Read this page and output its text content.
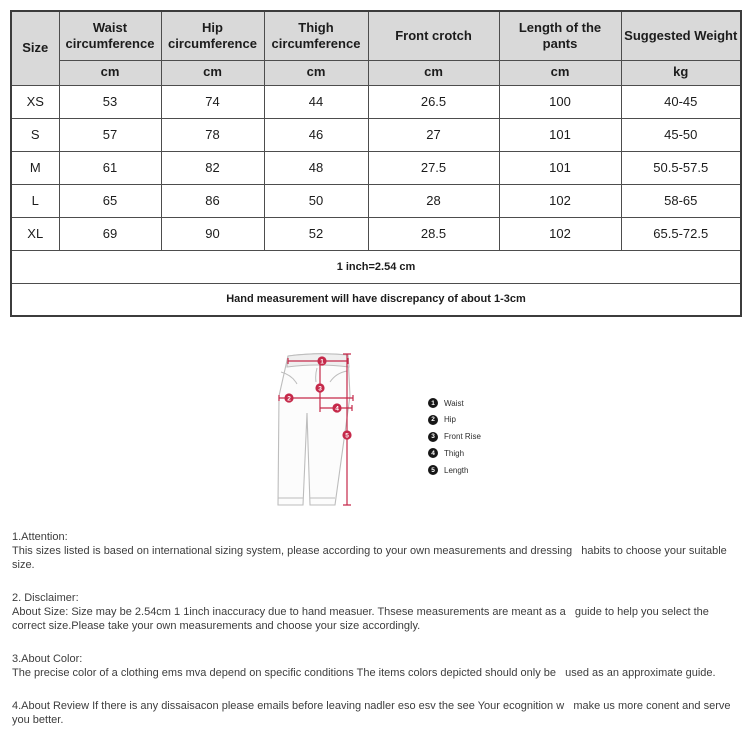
Size	Waist circumference	Hip circumference	Thigh circumference	Front crotch	Length of the pants	Suggested Weight
	cm	cm	cm	cm	cm	kg
XS	53	74	44	26.5	100	40-45
S	57	78	46	27	101	45-50
M	61	82	48	27.5	101	50.5-57.5
L	65	86	50	28	102	58-65
XL	69	90	52	28.5	102	65.5-72.5
1 inch=2.54 cm						
Hand measurement will have discrepancy of about 1-3cm						
1
2
3
4
5
1 Waist
2 Hip
3 Front Rise
4 Thigh
5 Length
1.Attention:
This sizes listed is based on international sizing system, please according to your own measurements and dressing   habits to choose your suitable size.
2. Disclaimer:
About Size: Size may be 2.54cm 1 1inch inaccuracy due to hand measuer. Thsese measurements are meant as a   guide to help you select the correct size.Please take your own measurements and choose your size accordingly.
3.About Color:
The precise color of a clothing ems mva depend on specific conditions The items colors depicted should only be   used as an approximate guide.
4.About Review If there is any dissaisacon please emails before leaving nadler eso esv the see Your ecognition w   make us more conent and serve you better.
